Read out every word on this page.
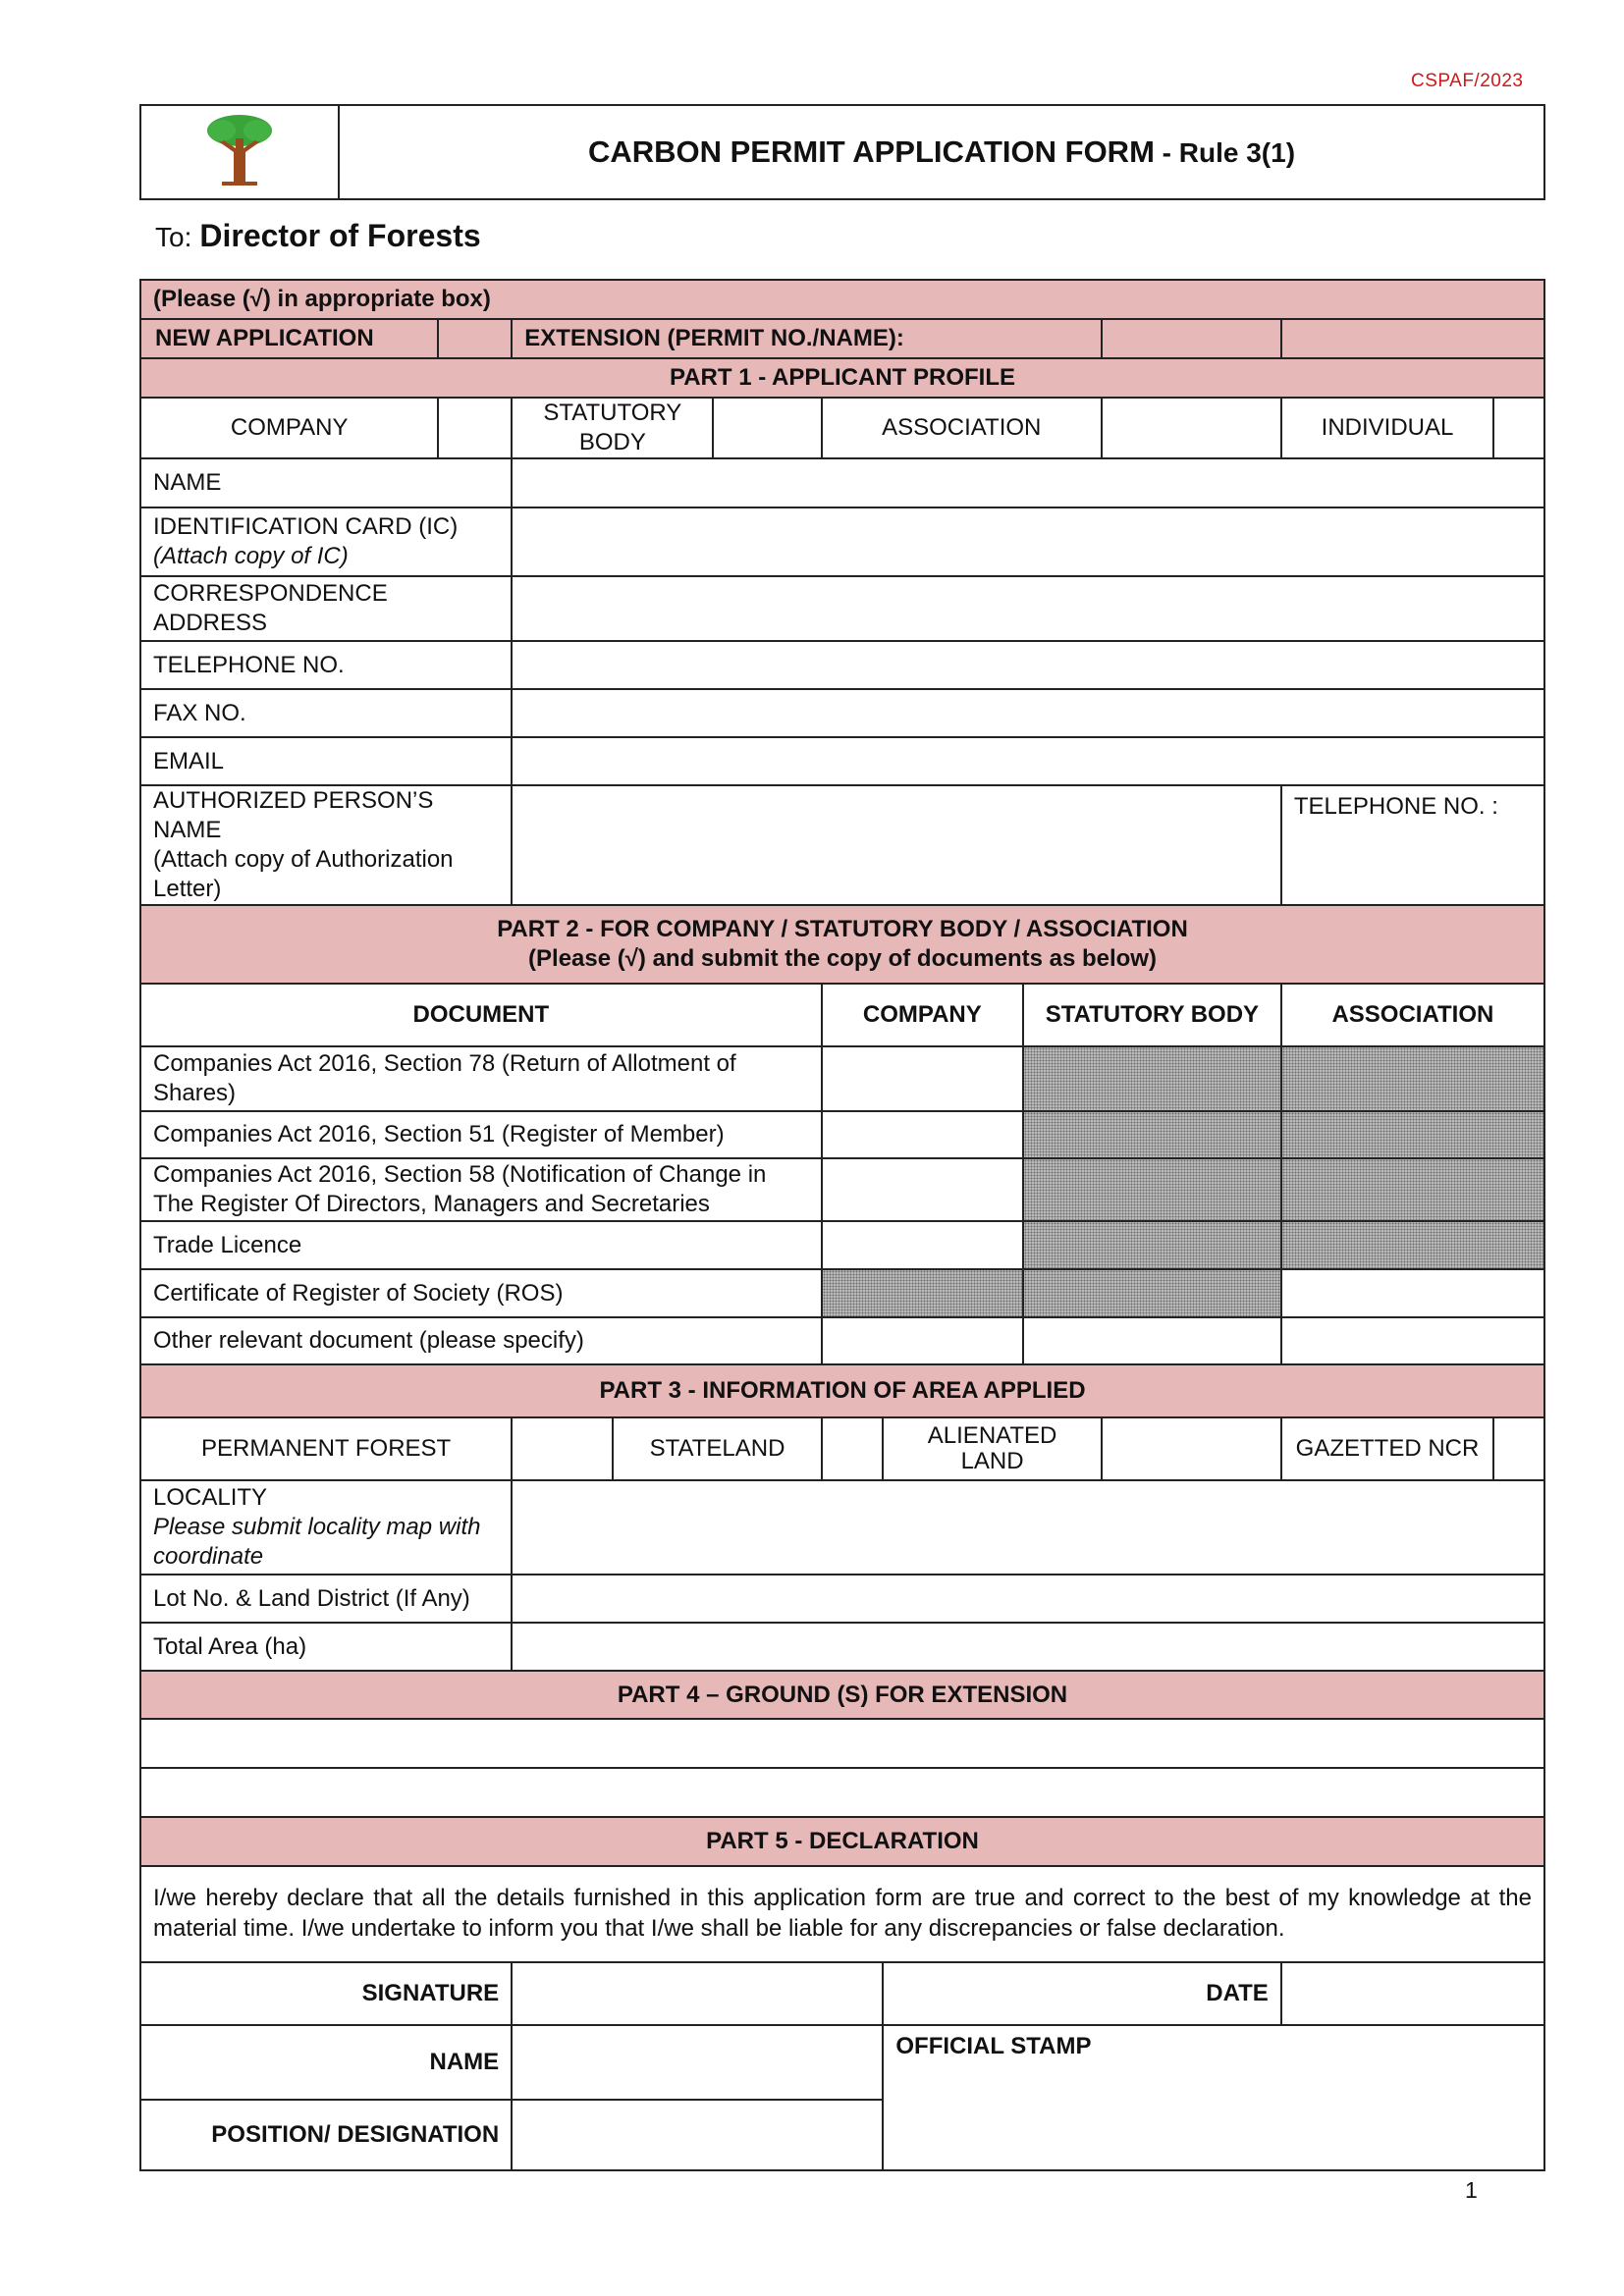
CSPAF/2023
	CARBON PERMIT APPLICATION FORM - Rule 3(1)
To: Director of Forests
(Please (√) in appropriate box)										
NEW APPLICATION		EXTENSION (PERMIT NO./NAME):								
PART 1 - APPLICANT PROFILE										
COMPANY		STATUTORY BODY			ASSOCIATION				INDIVIDUAL	
NAME										
IDENTIFICATION CARD (IC)
(Attach copy of IC)										
CORRESPONDENCE ADDRESS										
TELEPHONE NO.										
FAX NO.										
EMAIL										
AUTHORIZED PERSON’S NAME
(Attach copy of Authorization Letter)									TELEPHONE NO. :	
PART 2 - FOR COMPANY / STATUTORY BODY / ASSOCIATION
(Please (√) and submit the copy of documents as below)										
DOCUMENT					COMPANY		STATUTORY BODY		ASSOCIATION	
Companies Act 2016, Section 78 (Return of Allotment of Shares)										
Companies Act 2016, Section 51 (Register of Member)										
Companies Act 2016, Section 58 (Notification of Change in The Register Of Directors, Managers and Secretaries										
Trade Licence										
Certificate of Register of Society (ROS)										
Other relevant document (please specify)										
PART 3 - INFORMATION OF AREA APPLIED										
PERMANENT FOREST			STATELAND			ALIENATED LAND			GAZETTED NCR	
LOCALITY
Please submit locality map with coordinate										
Lot No. & Land District (If Any)										
Total Area (ha)										
PART 4 – GROUND (S) FOR EXTENSION										

PART 5 - DECLARATION										
I/we hereby declare that all the details furnished in this application form are true and correct to the best of my knowledge at the material time. I/we undertake to inform you that I/we shall be liable for any discrepancies or false declaration.										
SIGNATURE						DATE				
NAME						OFFICIAL STAMP				
POSITION/ DESIGNATION										
1
